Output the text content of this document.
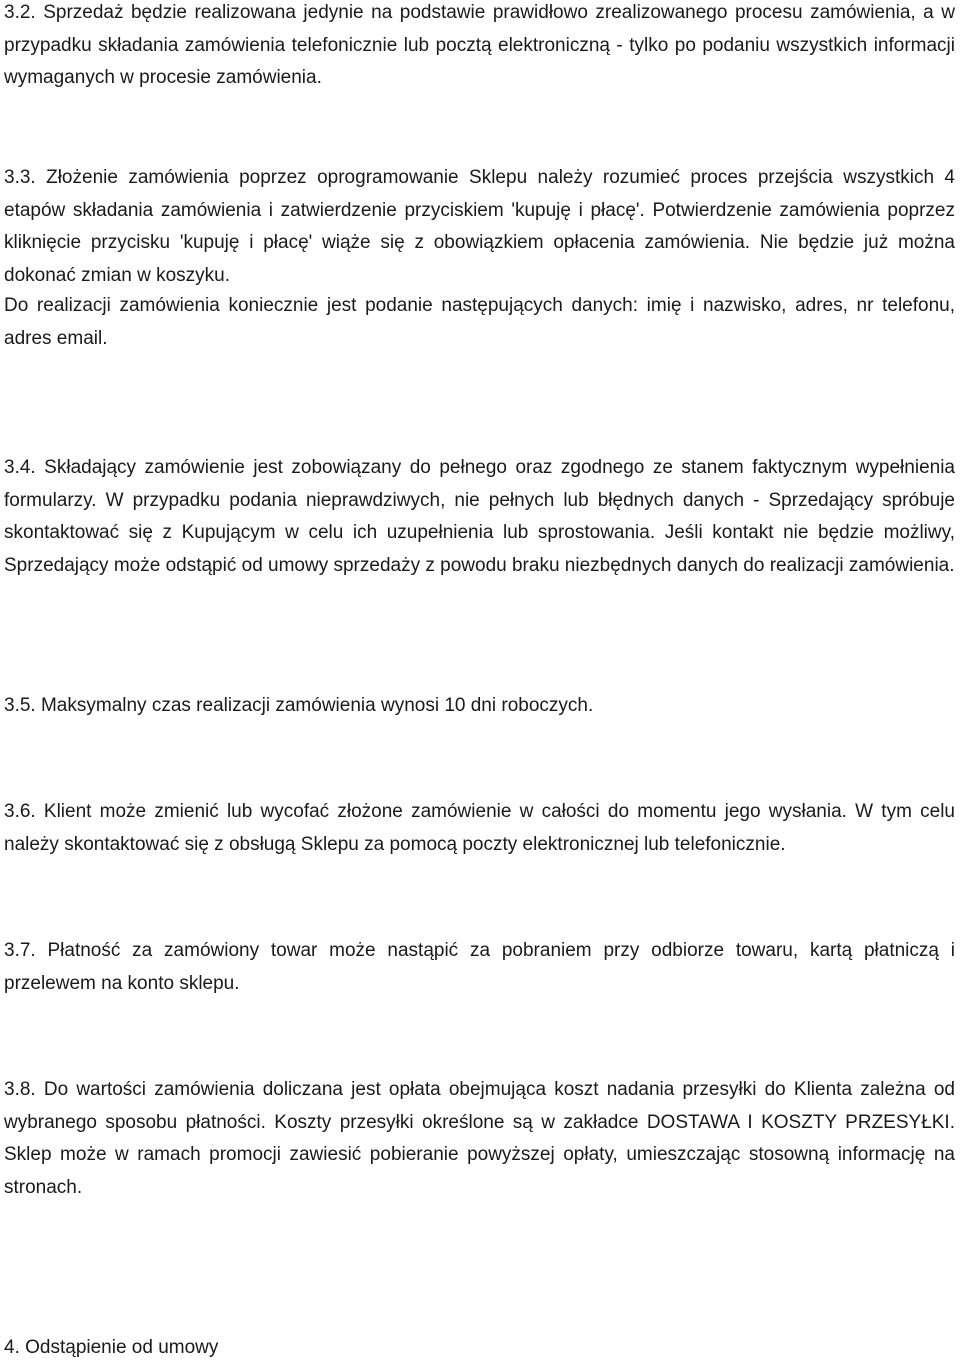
3.2. Sprzedaż będzie realizowana jedynie na podstawie prawidłowo zrealizowanego procesu zamówienia, a w przypadku składania zamówienia telefonicznie lub pocztą elektroniczną - tylko po podaniu wszystkich informacji wymaganych w procesie zamówienia.

3.3. Złożenie zamówienia poprzez oprogramowanie Sklepu należy rozumieć proces przejścia wszystkich 4 etapów składania zamówienia i zatwierdzenie przyciskiem 'kupuję i płacę'. Potwierdzenie zamówienia poprzez kliknięcie przycisku 'kupuję i płacę' wiąże się z obowiązkiem opłacenia zamówienia. Nie będzie już można dokonać zmian w koszyku.

Do realizacji zamówienia koniecznie jest podanie następujących danych: imię i nazwisko, adres, nr telefonu, adres email.

3.4. Składający zamówienie jest zobowiązany do pełnego oraz zgodnego ze stanem faktycznym wypełnienia formularzy. W przypadku podania nieprawdziwych, nie pełnych lub błędnych danych - Sprzedający spróbuje skontaktować się z Kupującym w celu ich uzupełnienia lub sprostowania. Jeśli kontakt nie będzie możliwy, Sprzedający może odstąpić od umowy sprzedaży z powodu braku niezbędnych danych do realizacji zamówienia.

3.5. Maksymalny czas realizacji zamówienia wynosi 10 dni roboczych.

3.6. Klient może zmienić lub wycofać złożone zamówienie w całości do momentu jego wysłania. W tym celu należy skontaktować się z obsługą Sklepu za pomocą poczty elektronicznej lub telefonicznie.

3.7. Płatność za zamówiony towar może nastąpić za pobraniem przy odbiorze towaru, kartą płatniczą i przelewem na konto sklepu.

3.8. Do wartości zamówienia doliczana jest opłata obejmująca koszt nadania przesyłki do Klienta zależna od wybranego sposobu płatności. Koszty przesyłki określone są w zakładce DOSTAWA I KOSZTY PRZESYŁKI. Sklep może w ramach promocji zawiesić pobieranie powyższej opłaty, umieszczając stosowną informację na stronach.

4. Odstąpienie od umowy
